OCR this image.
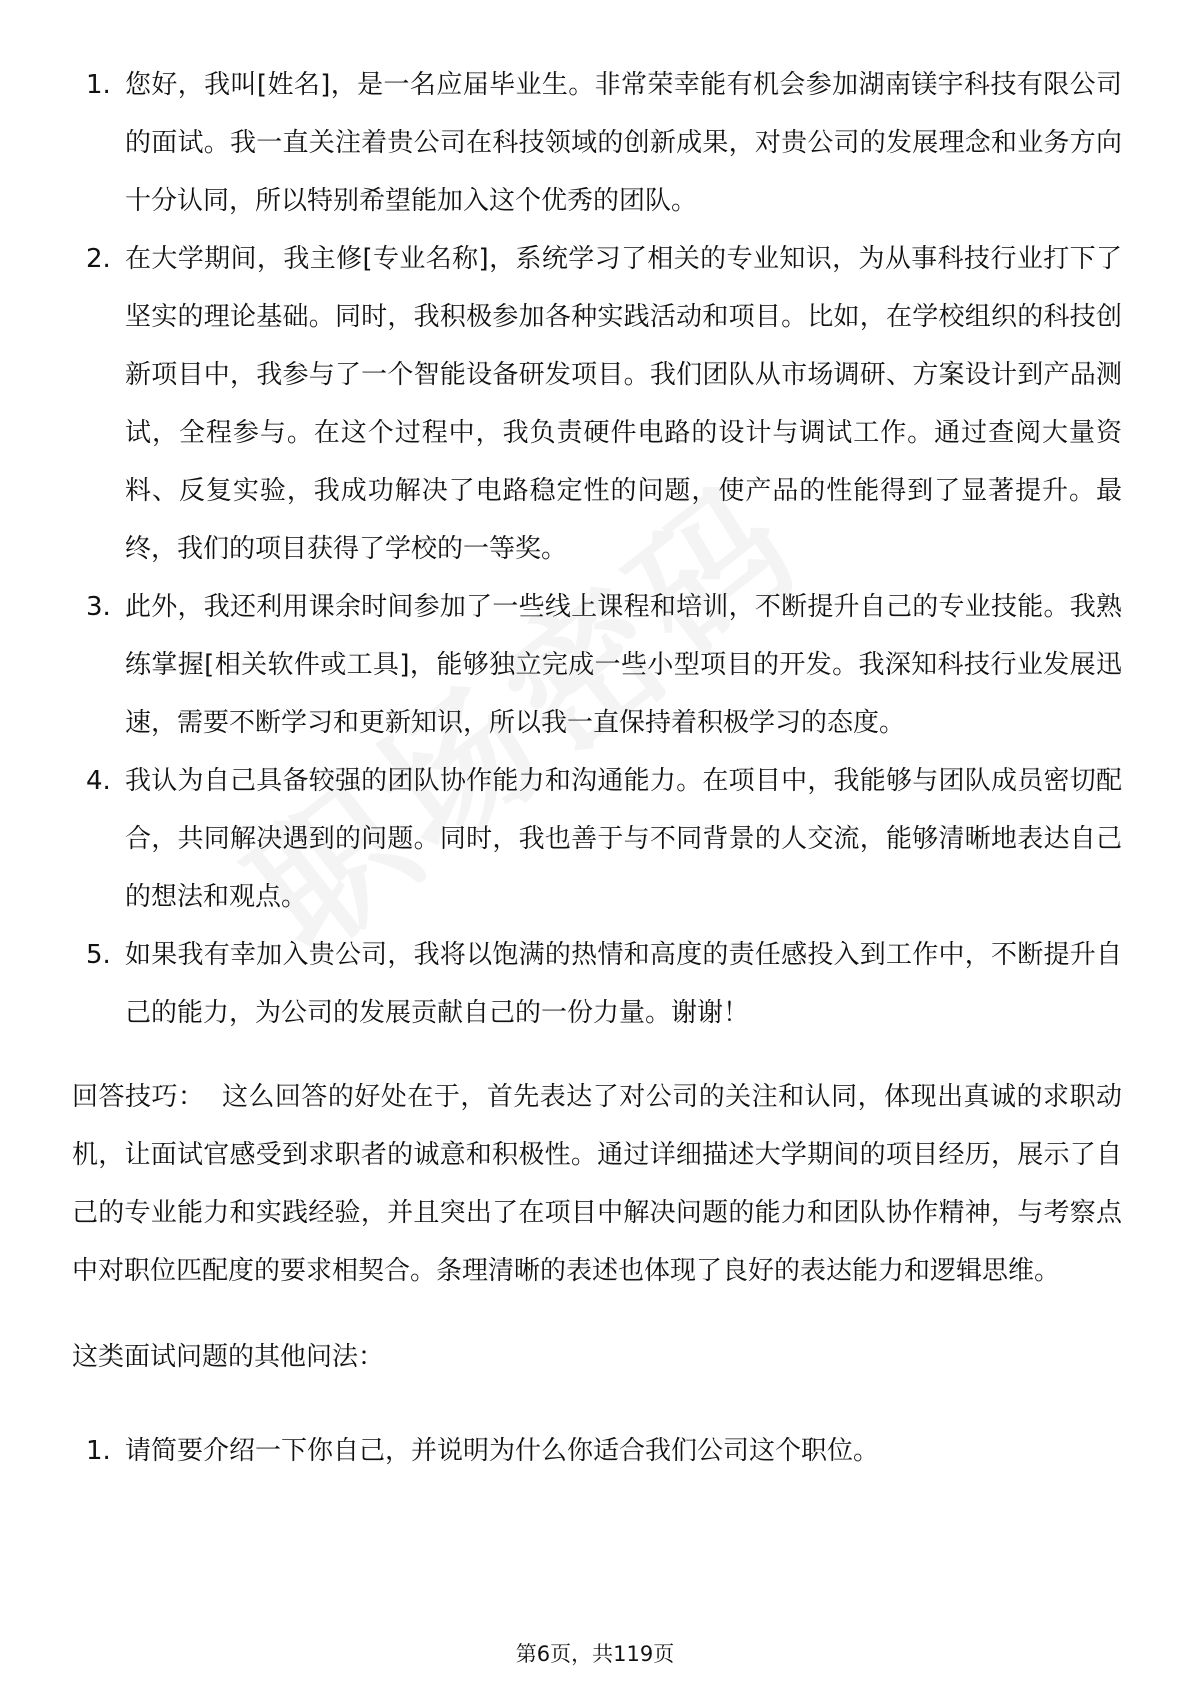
1. 您好，我叫[姓名]，是一名应届毕业生。非常荣幸能有机会参加湖南镁宇科技有限公司的面试。我一直关注着贵公司在科技领域的创新成果，对贵公司的发展理念和业务方向十分认同，所以特别希望能加入这个优秀的团队。
2. 在大学期间，我主修[专业名称]，系统学习了相关的专业知识，为从事科技行业打下了坚实的理论基础。同时，我积极参加各种实践活动和项目。比如，在学校组织的科技创新项目中，我参与了一个智能设备研发项目。我们团队从市场调研、方案设计到产品测试，全程参与。在这个过程中，我负责硬件电路的设计与调试工作。通过查阅大量资料、反复实验，我成功解决了电路稳定性的问题，使产品的性能得到了显著提升。最终，我们的项目获得了学校的一等奖。
3. 此外，我还利用课余时间参加了一些线上课程和培训，不断提升自己的专业技能。我熟练掌握[相关软件或工具]，能够独立完成一些小型项目的开发。我深知科技行业发展迅速，需要不断学习和更新知识，所以我一直保持着积极学习的态度。
4. 我认为自己具备较强的团队协作能力和沟通能力。在项目中，我能够与团队成员密切配合，共同解决遇到的问题。同时，我也善于与不同背景的人交流，能够清晰地表达自己的想法和观点。
5. 如果我有幸加入贵公司，我将以饱满的热情和高度的责任感投入到工作中，不断提升自己的能力，为公司的发展贡献自己的一份力量。谢谢！

回答技巧： 这么回答的好处在于，首先表达了对公司的关注和认同，体现出真诚的求职动机，让面试官感受到求职者的诚意和积极性。通过详细描述大学期间的项目经历，展示了自己的专业能力和实践经验，并且突出了在项目中解决问题的能力和团队协作精神，与考察点中对职位匹配度的要求相契合。条理清晰的表述也体现了良好的表达能力和逻辑思维。

这类面试问题的其他问法：

1. 请简要介绍一下你自己，并说明为什么你适合我们公司这个职位。
第6页，共119页
